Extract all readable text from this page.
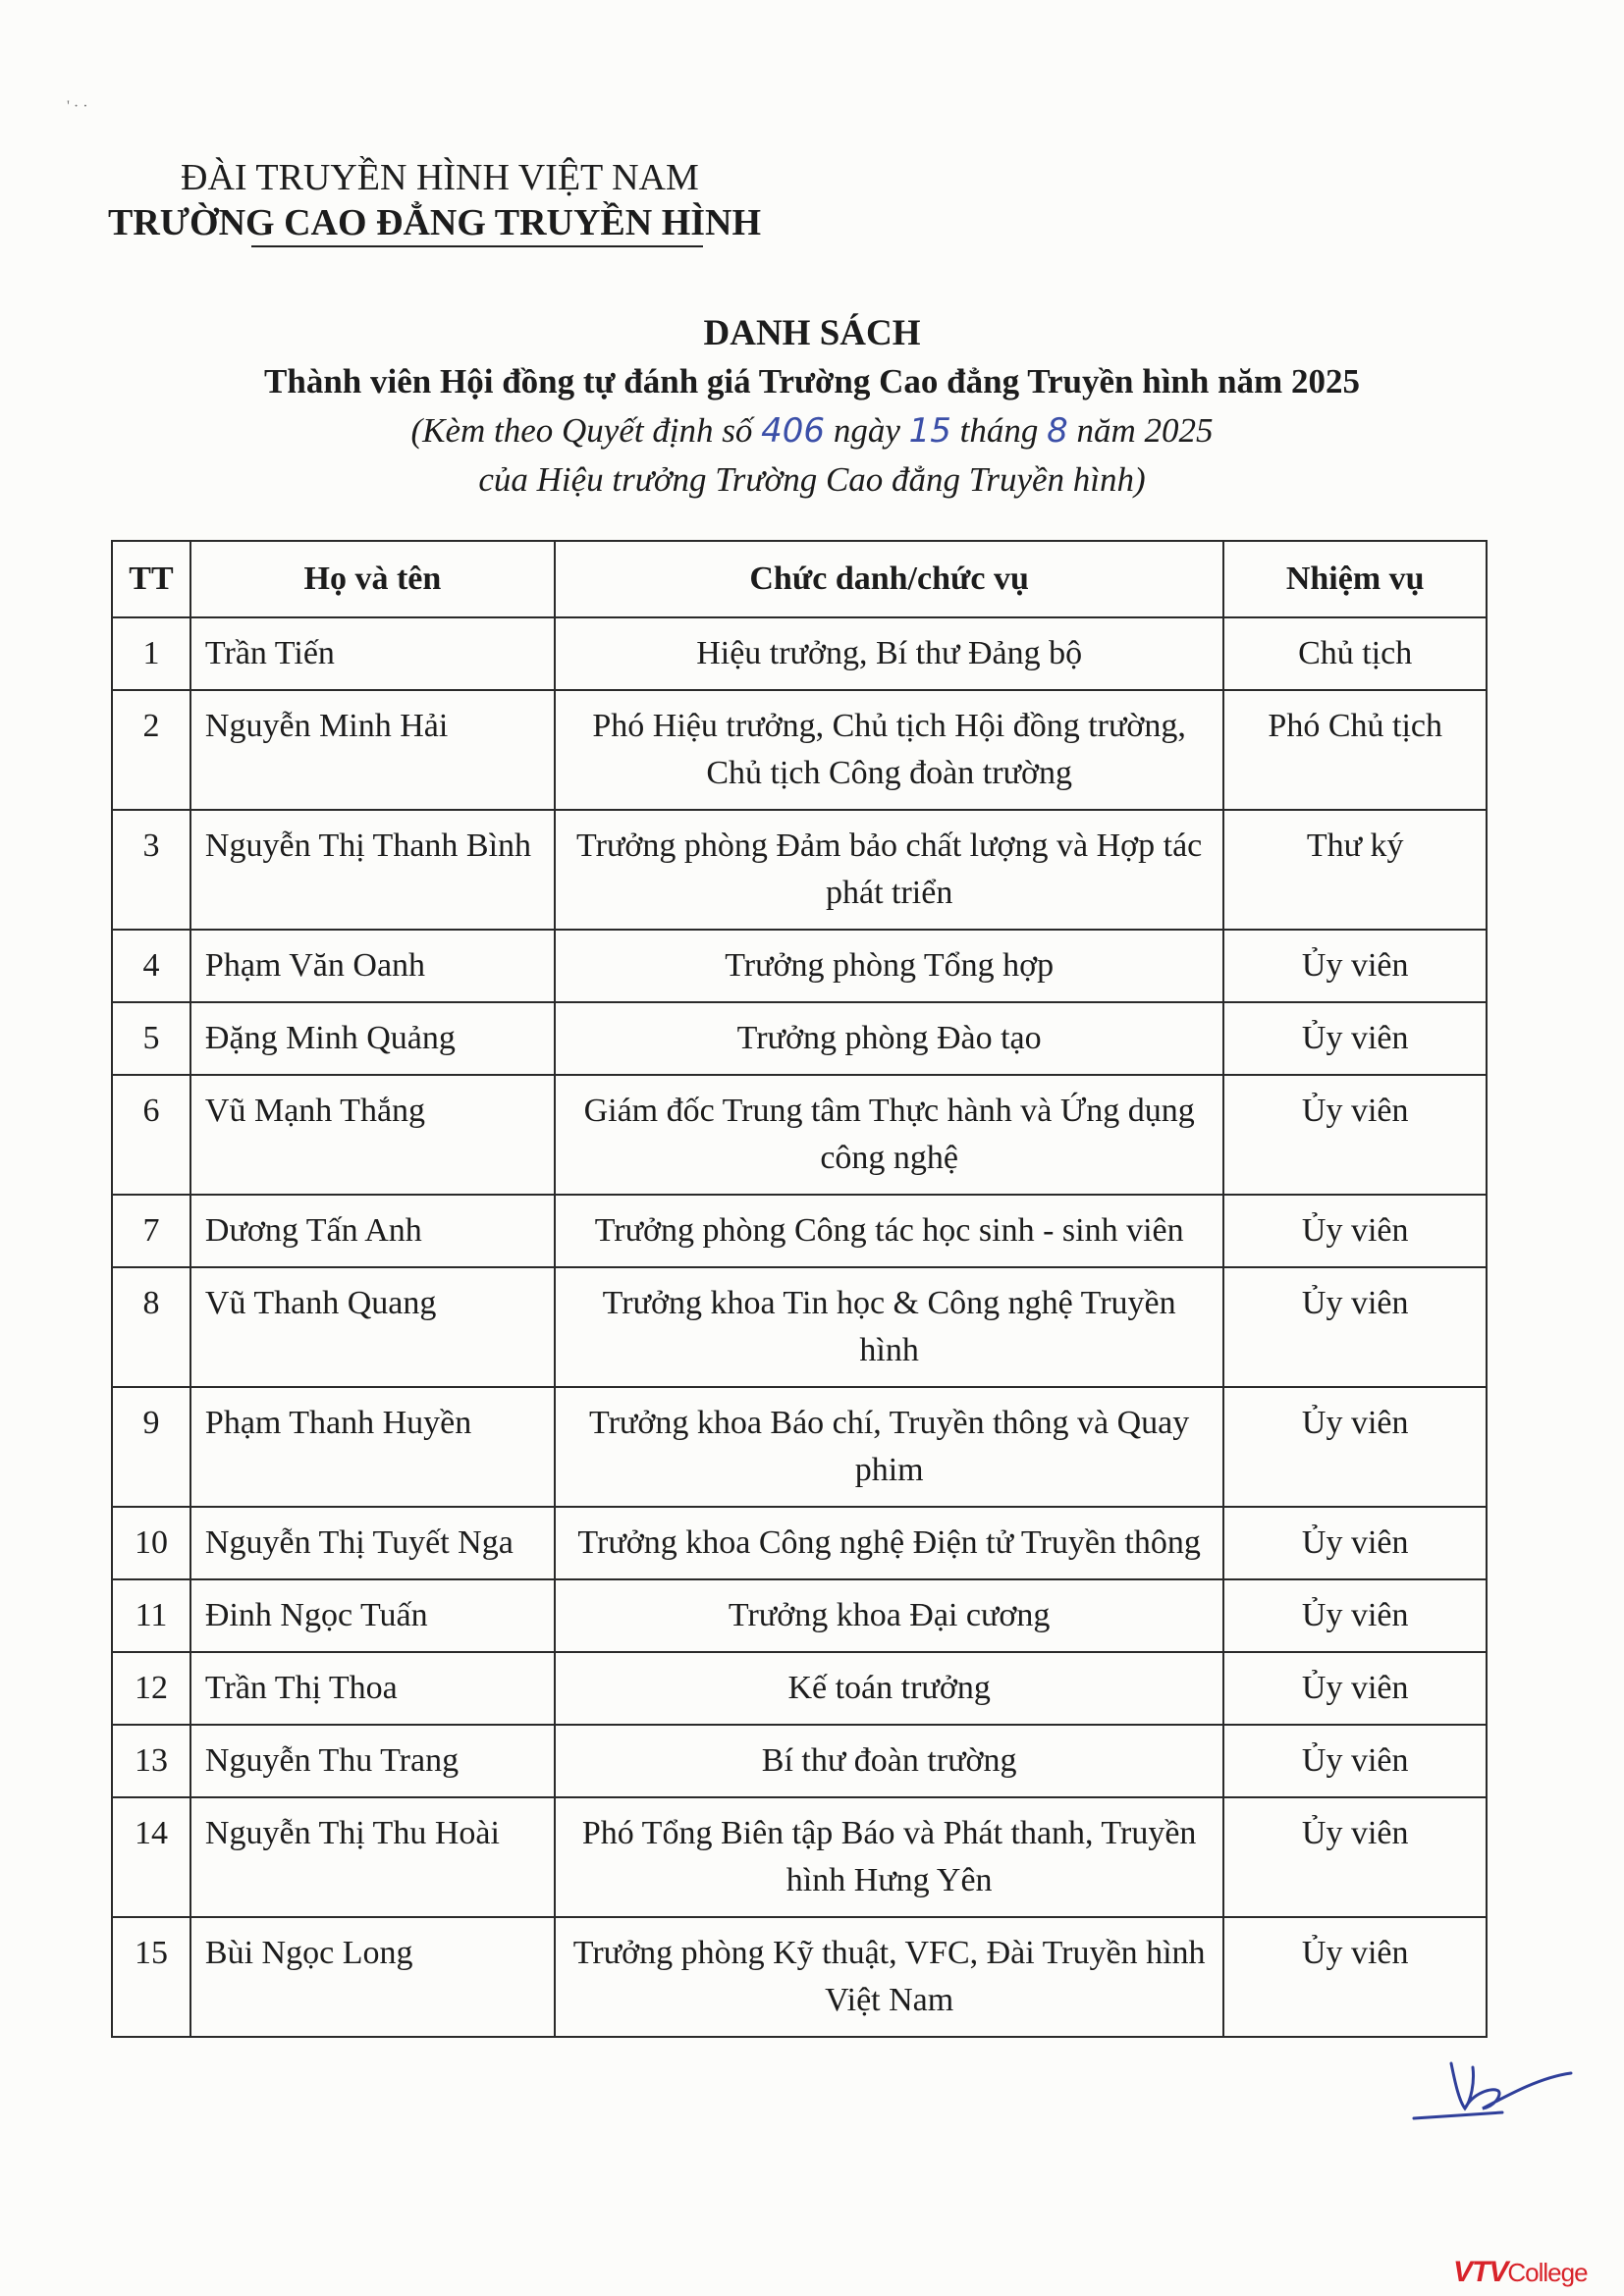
' · ·
ĐÀI TRUYỀN HÌNH VIỆT NAM
TRƯỜNG CAO ĐẲNG TRUYỀN HÌNH
DANH SÁCH
Thành viên Hội đồng tự đánh giá Trường Cao đẳng Truyền hình năm 2025
(Kèm theo Quyết định số 406 ngày 15 tháng 8 năm 2025
của Hiệu trưởng Trường Cao đẳng Truyền hình)
TT	Họ và tên	Chức danh/chức vụ	Nhiệm vụ
1	Trần Tiến	Hiệu trưởng, Bí thư Đảng bộ	Chủ tịch
2	Nguyễn Minh Hải	Phó Hiệu trưởng, Chủ tịch Hội đồng trường, Chủ tịch Công đoàn trường	Phó Chủ tịch
3	Nguyễn Thị Thanh Bình	Trưởng phòng Đảm bảo chất lượng và Hợp tác phát triển	Thư ký
4	Phạm Văn Oanh	Trưởng phòng Tổng hợp	Ủy viên
5	Đặng Minh Quảng	Trưởng phòng Đào tạo	Ủy viên
6	Vũ Mạnh Thắng	Giám đốc Trung tâm Thực hành và Ứng dụng công nghệ	Ủy viên
7	Dương Tấn Anh	Trưởng phòng Công tác học sinh - sinh viên	Ủy viên
8	Vũ Thanh Quang	Trưởng khoa Tin học & Công nghệ Truyền hình	Ủy viên
9	Phạm Thanh Huyền	Trưởng khoa Báo chí, Truyền thông và Quay phim	Ủy viên
10	Nguyễn Thị Tuyết Nga	Trưởng khoa Công nghệ Điện tử Truyền thông	Ủy viên
11	Đinh Ngọc Tuấn	Trưởng khoa Đại cương	Ủy viên
12	Trần Thị Thoa	Kế toán trưởng	Ủy viên
13	Nguyễn Thu Trang	Bí thư đoàn trường	Ủy viên
14	Nguyễn Thị Thu Hoài	Phó Tổng Biên tập Báo và Phát thanh, Truyền hình Hưng Yên	Ủy viên
15	Bùi Ngọc Long	Trưởng phòng Kỹ thuật, VFC, Đài Truyền hình Việt Nam	Ủy viên
VTVCollege
